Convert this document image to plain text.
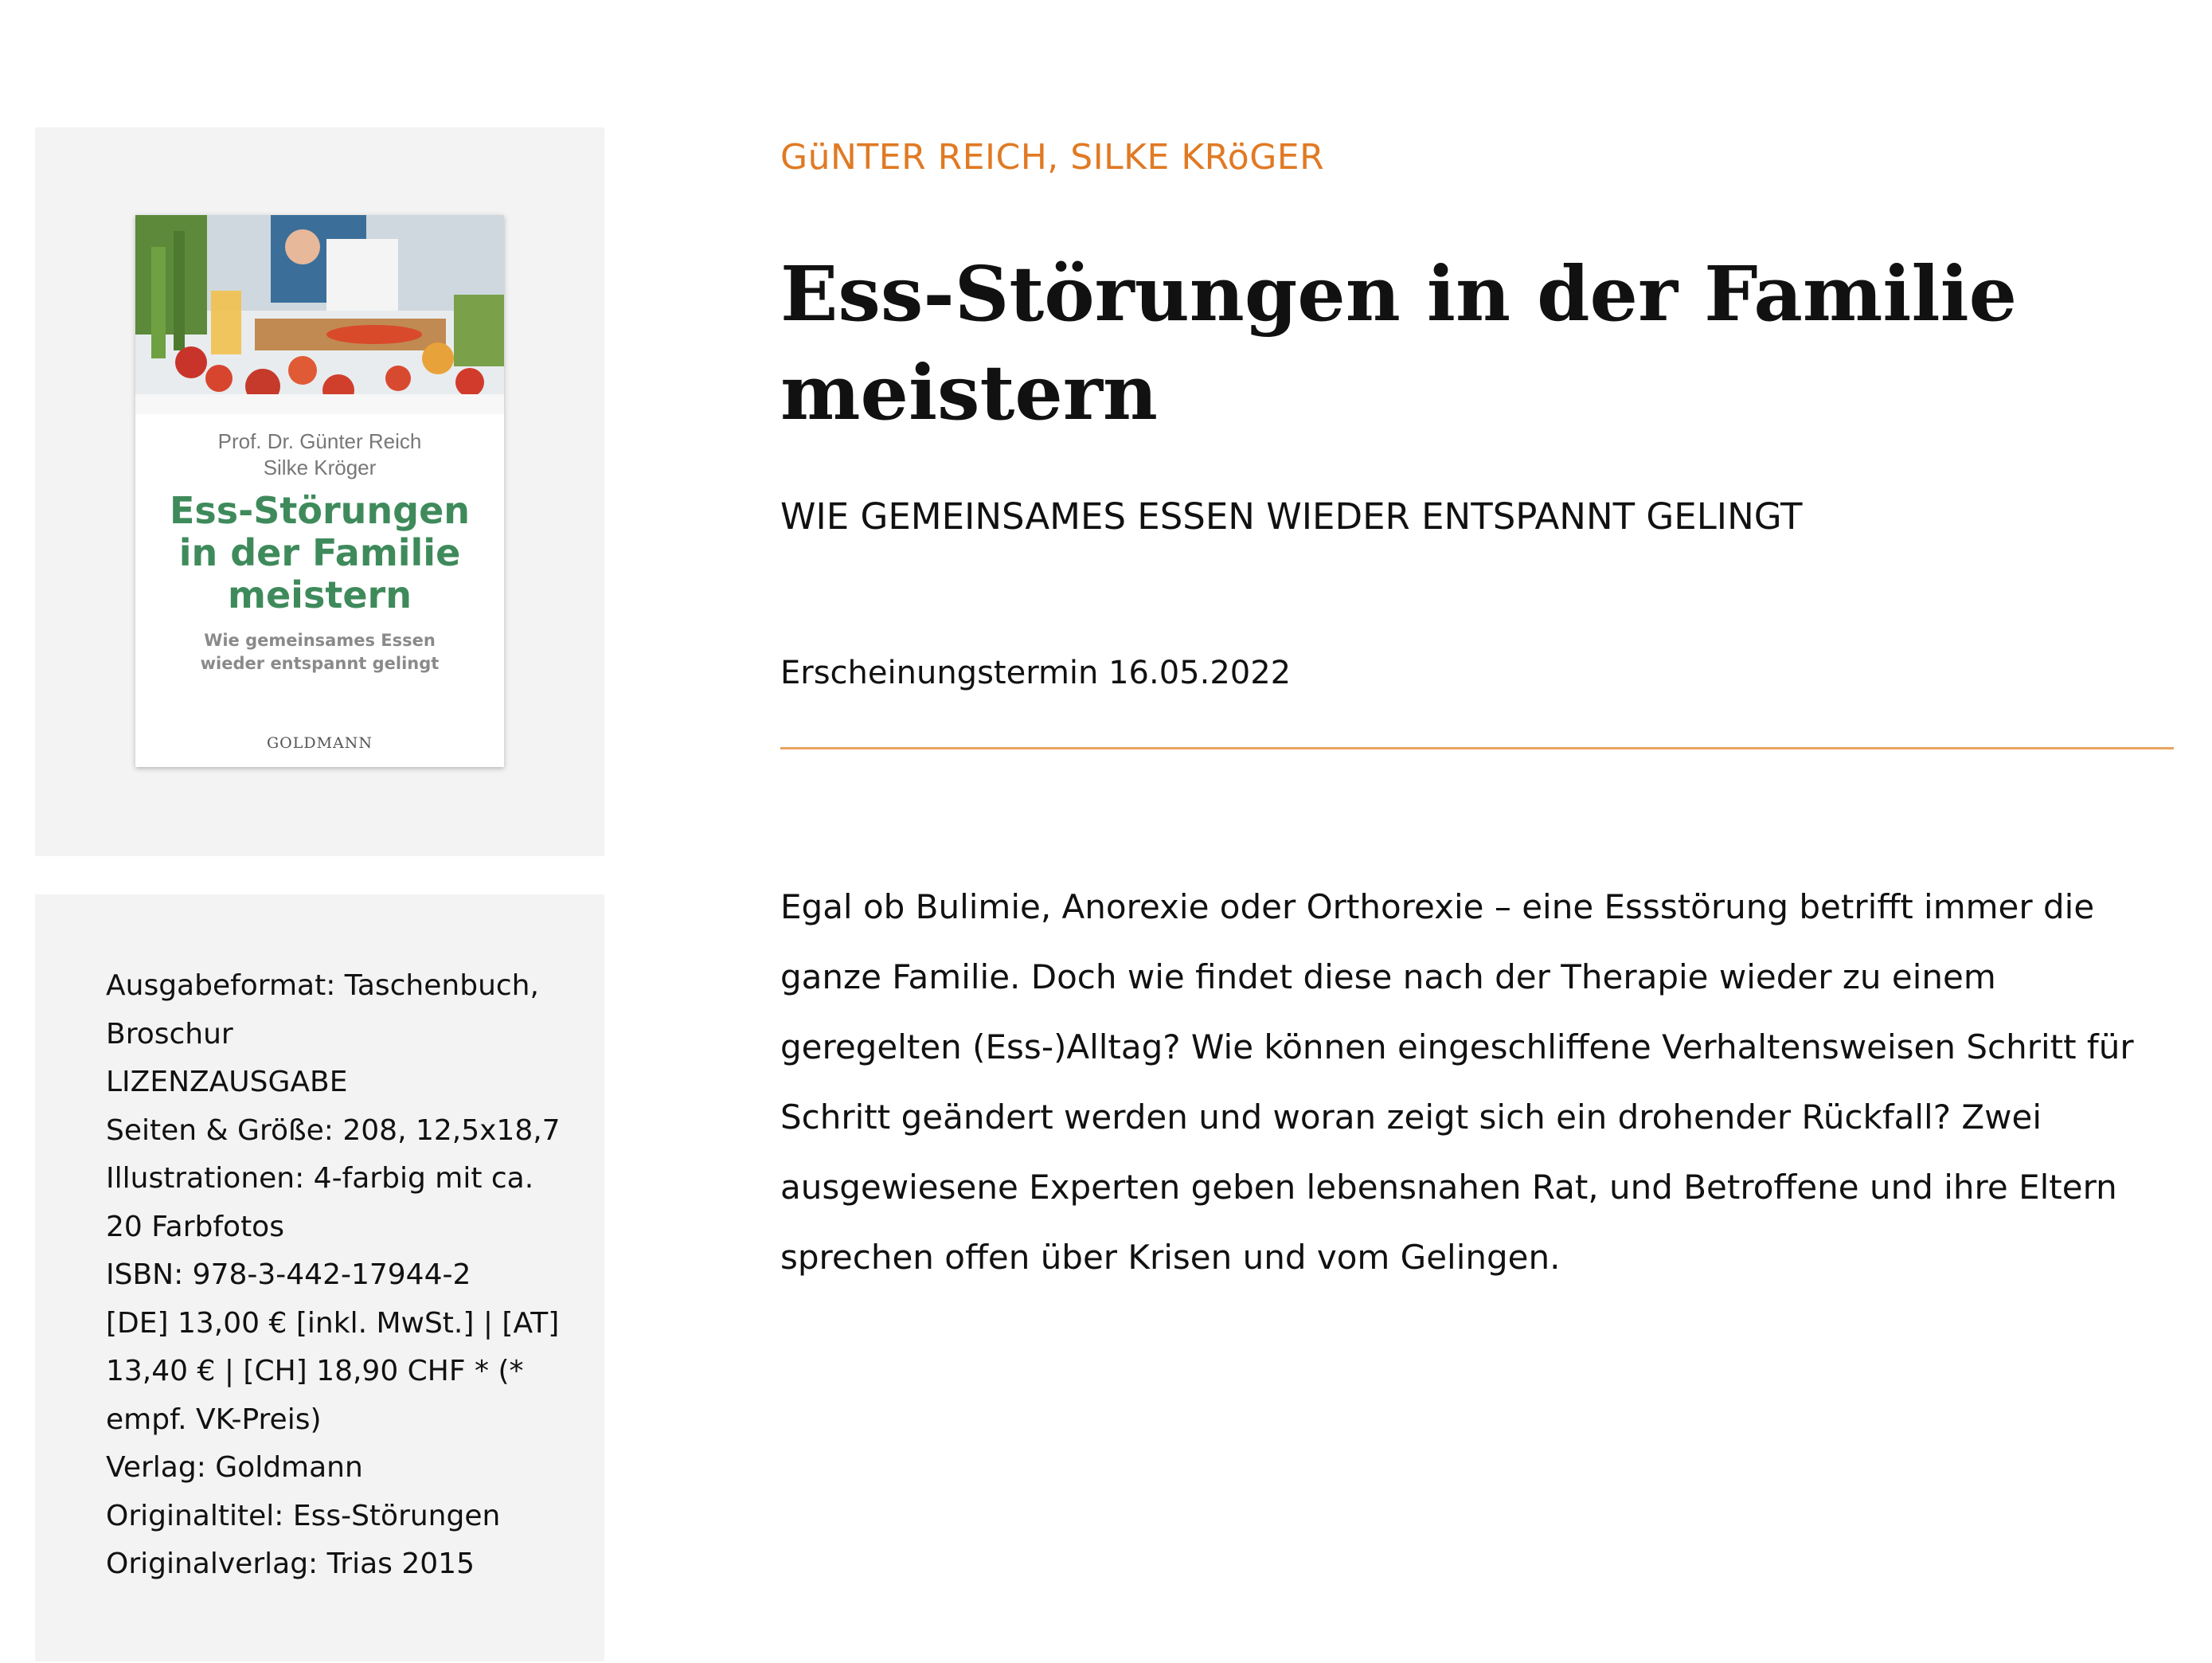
Prof. Dr. Günter Reich
Silke Kröger
Ess-Störungen
in der Familie
meistern
Wie gemeinsames Essen
wieder entspannt gelingt
GOLDMANN
Ausgabeformat: Taschenbuch,
Broschur
LIZENZAUSGABE
Seiten & Größe: 208, 12,5x18,7
Illustrationen: 4-farbig mit ca.
20 Farbfotos
ISBN: 978-3-442-17944-2
[DE] 13,00 € [inkl. MwSt.] | [AT]
13,40 € | [CH] 18,90 CHF * (*
empf. VK-Preis)
Verlag: Goldmann
Originaltitel: Ess-Störungen
Originalverlag: Trias 2015
GüNTER REICH, SILKE KRöGER
Ess-Störungen in der Familie meistern
WIE GEMEINSAMES ESSEN WIEDER ENTSPANNT GELINGT
Erscheinungstermin 16.05.2022

Egal ob Bulimie, Anorexie oder Orthorexie – eine Essstörung betrifft immer die ganze Familie. Doch wie findet diese nach der Therapie wieder zu einem geregelten (Ess-)Alltag? Wie können eingeschliffene Verhaltensweisen Schritt für Schritt geändert werden und woran zeigt sich ein drohender Rückfall? Zwei ausgewiesene Experten geben lebensnahen Rat, und Betroffene und ihre Eltern sprechen offen über Krisen und vom Gelingen.
